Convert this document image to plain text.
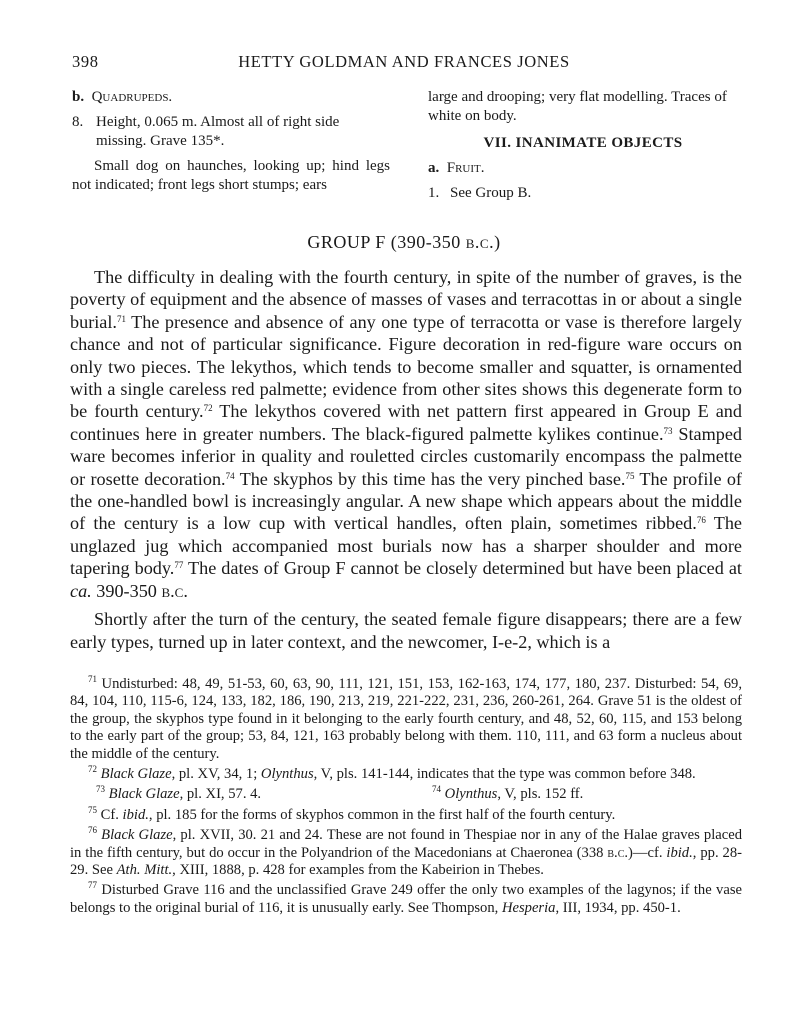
398	HETTY GOLDMAN AND FRANCES JONES

b. Quadrupeds.

8. Height, 0.065 m. Almost all of right side missing. Grave 135*.

Small dog on haunches, looking up; hind legs not indicated; front legs short stumps; ears

large and drooping; very flat modelling. Traces of white on body.

VII. INANIMATE OBJECTS

a. Fruit.

1. See Group B.

GROUP F (390-350 b.c.)

The difficulty in dealing with the fourth century, in spite of the number of graves, is the poverty of equipment and the absence of masses of vases and terracottas in or about a single burial.$^{71}$ The presence and absence of any one type of terracotta or vase is therefore largely chance and not of particular significance. Figure decoration in red-figure ware occurs on only two pieces. The lekythos, which tends to become smaller and squatter, is ornamented with a single careless red palmette; evidence from other sites shows this degenerate form to be fourth century.$^{72}$ The lekythos covered with net pattern first appeared in Group E and continues here in greater numbers. The black-figured palmette kylikes continue.$^{73}$ Stamped ware becomes inferior in quality and rouletted circles customarily encompass the palmette or rosette decoration.$^{74}$ The skyphos by this time has the very pinched base.$^{75}$ The profile of the one-handled bowl is increasingly angular. A new shape which appears about the middle of the century is a low cup with vertical handles, often plain, sometimes ribbed.$^{76}$ The unglazed jug which accompanied most burials now has a sharper shoulder and more tapering body.$^{77}$ The dates of Group F cannot be closely determined but have been placed at ca. 390-350 b.c.

Shortly after the turn of the century, the seated female figure disappears; there are a few early types, turned up in later context, and the newcomer, I-e-2, which is a

$^{71}$ Undisturbed: 48, 49, 51-53, 60, 63, 90, 111, 121, 151, 153, 162-163, 174, 177, 180, 237. Disturbed: 54, 69, 84, 104, 110, 115-6, 124, 133, 182, 186, 190, 213, 219, 221-222, 231, 236, 260-261, 264. Grave 51 is the oldest of the group, the skyphos type found in it belonging to the early fourth century, and 48, 52, 60, 115, and 153 belong to the early part of the group; 53, 84, 121, 163 probably belong with them. 110, 111, and 63 form a nucleus about the middle of the century.

$^{72}$ Black Glaze, pl. XV, 34, 1; Olynthus, V, pls. 141-144, indicates that the type was common before 348.

$^{73}$ Black Glaze, pl. XI, 57. 4.	$^{74}$ Olynthus, V, pls. 152 ff.

$^{75}$ Cf. ibid., pl. 185 for the forms of skyphos common in the first half of the fourth century.

$^{76}$ Black Glaze, pl. XVII, 30. 21 and 24. These are not found in Thespiae nor in any of the Halae graves placed in the fifth century, but do occur in the Polyandrion of the Macedonians at Chaeronea (338 b.c.)—cf. ibid., pp. 28-29. See Ath. Mitt., XIII, 1888, p. 428 for examples from the Kabeirion in Thebes.

$^{77}$ Disturbed Grave 116 and the unclassified Grave 249 offer the only two examples of the lagynos; if the vase belongs to the original burial of 116, it is unusually early. See Thompson, Hesperia, III, 1934, pp. 450-1.
